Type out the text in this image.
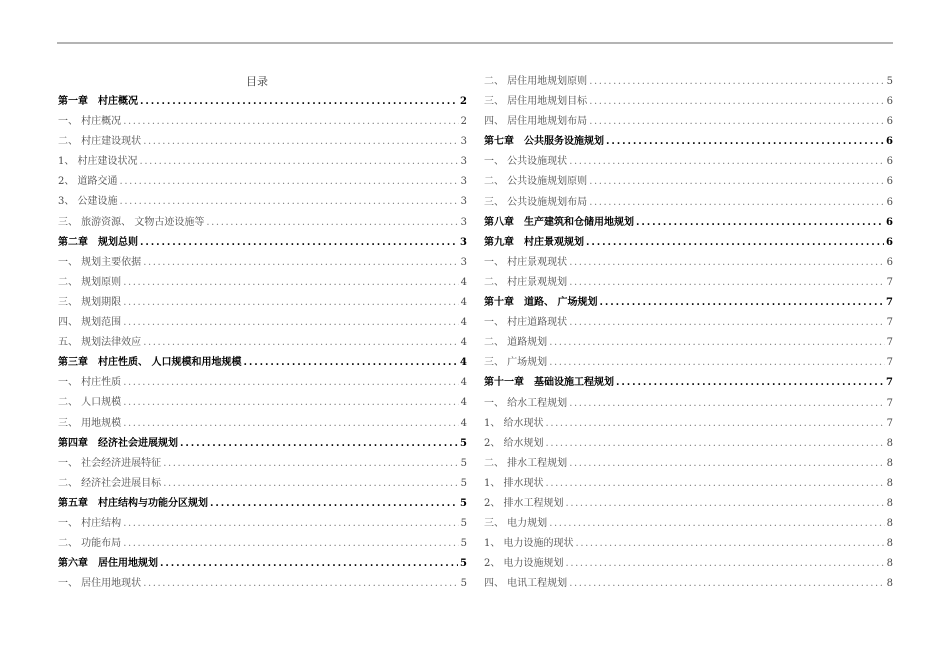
目录
第一章　村庄概况 .....	2
一、 村庄概况 .....	2
二、 村庄建设现状 .....	3
1、 村庄建设状况 .....	3
2、 道路交通 .....	3
3、 公建设施 .....	3
三、 旅游资源、 文物古迹设施等 .....	3
第二章　规划总则 .....	3
一、 规划主要依据 .....	3
二、 规划原则 .....	4
三、 规划期限 .....	4
四、 规划范围 .....	4
五、 规划法律效应 .....	4
第三章　村庄性质、 人口规模和用地规模 .....	4
一、 村庄性质 .....	4
二、 人口规模 .....	4
三、 用地规模 .....	4
第四章　经济社会进展规划 .....	5
一、 社会经济进展特征 .....	5
二、 经济社会进展目标 .....	5
第五章　村庄结构与功能分区规划 .....	5
一、 村庄结构 .....	5
二、 功能布局 .....	5
第六章　居住用地规划 .....	5
一、 居住用地现状 .....	5
二、 居住用地规划原则 .....	5
三、 居住用地规划目标 .....	6
四、 居住用地规划布局 .....	6
第七章　公共服务设施规划 .....	6
一、 公共设施现状 .....	6
二、 公共设施规划原则 .....	6
三、 公共设施规划布局 .....	6
第八章　生产建筑和仓储用地规划 .....	6
第九章　村庄景观规划 .....	6
一、 村庄景观现状 .....	6
二、 村庄景观规划 .....	7
第十章　道路、 广场规划 .....	7
一、 村庄道路现状 .....	7
二、 道路规划 .....	7
三、 广场规划 .....	7
第十一章　基础设施工程规划 .....	7
一、 给水工程规划 .....	7
1、 给水现状 .....	7
2、 给水规划 .....	8
二、 排水工程规划 .....	8
1、 排水现状 .....	8
2、 排水工程规划 .....	8
三、 电力规划 .....	8
1、 电力设施的现状 .....	8
2、 电力设施规划 .....	8
四、 电讯工程规划 .....	8
